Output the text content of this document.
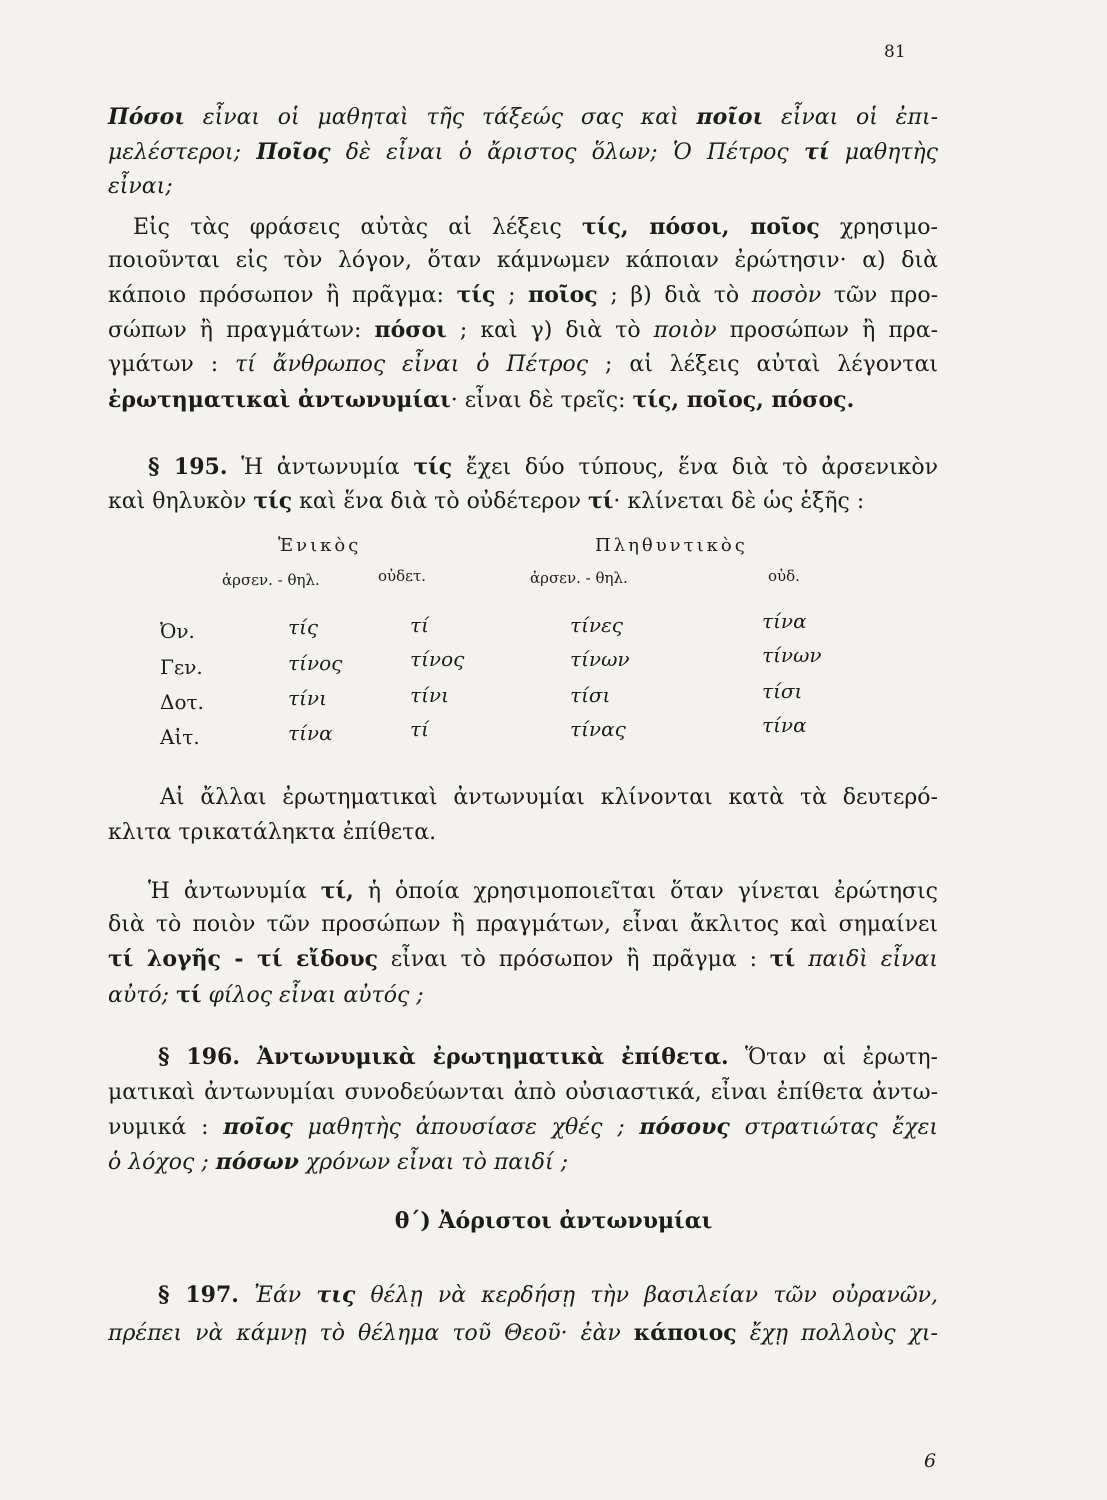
81
Πόσοι εἶναι οἱ μαθηταὶ τῆς τάξεώς σας καὶ ποῖοι εἶναι οἱ ἐπι-
μελέστεροι; Ποῖος δὲ εἶναι ὁ ἄριστος ὅλων; Ὁ Πέτρος τί μαθητὴς
εἶναι;
Εἰς τὰς φράσεις αὐτὰς αἱ λέξεις τίς, πόσοι, ποῖος χρησιμο-
ποιοῦνται εἰς τὸν λόγον, ὅταν κάμνωμεν κάποιαν ἐρώτησιν· α) διὰ
κάποιο πρόσωπον ἢ πρᾶγμα: τίς ; ποῖος ; β) διὰ τὸ ποσὸν τῶν προ-
σώπων ἢ πραγμάτων: πόσοι ; καὶ γ) διὰ τὸ ποιὸν προσώπων ἢ πρα-
γμάτων : τί ἄνθρωπος εἶναι ὁ Πέτρος ; αἱ λέξεις αὐταὶ λέγονται
ἐρωτηματικαὶ ἀντωνυμίαι· εἶναι δὲ τρεῖς: τίς, ποῖος, πόσος.
§ 195. Ἡ ἀντωνυμία τίς ἔχει δύο τύπους, ἕνα διὰ τὸ ἀρσενικὸν
καὶ θηλυκὸν τίς καὶ ἕνα διὰ τὸ οὐδέτερον τί· κλίνεται δὲ ὡς ἑξῆς :
Αἱ ἄλλαι ἐρωτηματικαὶ ἀντωνυμίαι κλίνονται κατὰ τὰ δευτερό-
κλιτα τρικατάληκτα ἐπίθετα.
Ἡ ἀντωνυμία τί, ἡ ὁποία χρησιμοποιεῖται ὅταν γίνεται ἐρώτησις
διὰ τὸ ποιὸν τῶν προσώπων ἢ πραγμάτων, εἶναι ἄκλιτος καὶ σημαίνει
τί λογῆς - τί εἴδους εἶναι τὸ πρόσωπον ἢ πρᾶγμα : τί παιδὶ εἶναι
αὐτό; τί φίλος εἶναι αὐτός ;
§ 196. Ἀντωνυμικὰ ἐρωτηματικὰ ἐπίθετα. Ὅταν αἱ ἐρωτη-
ματικαὶ ἀντωνυμίαι συνοδεύωνται ἀπὸ οὐσιαστικά, εἶναι ἐπίθετα ἀντω-
νυμικά : ποῖος μαθητὴς ἀπουσίασε χθές ; πόσους στρατιώτας ἔχει
ὁ λόχος ; πόσων χρόνων εἶναι τὸ παιδί ;
§ 197. Ἐάν τις θέλῃ νὰ κερδήσῃ τὴν βασιλείαν τῶν οὐρανῶν,
πρέπει νὰ κάμνῃ τὸ θέλημα τοῦ Θεοῦ· ἐὰν κάποιος ἔχῃ πολλοὺς χι-
Ἑνικὸς	Πληθυντικὸς
ἀρσεν. - θηλ.	οὐδετ.	ἀρσεν. - θηλ.	οὐδ.
Ὀν.	τίς	τί	τίνες	τίνα
Γεν.	τίνος	τίνος	τίνων	τίνων
Δοτ.	τίνι	τίνι	τίσι	τίσι
Αἰτ.	τίνα	τί	τίνας	τίνα
θ΄) Ἀόριστοι ἀντωνυμίαι
6
